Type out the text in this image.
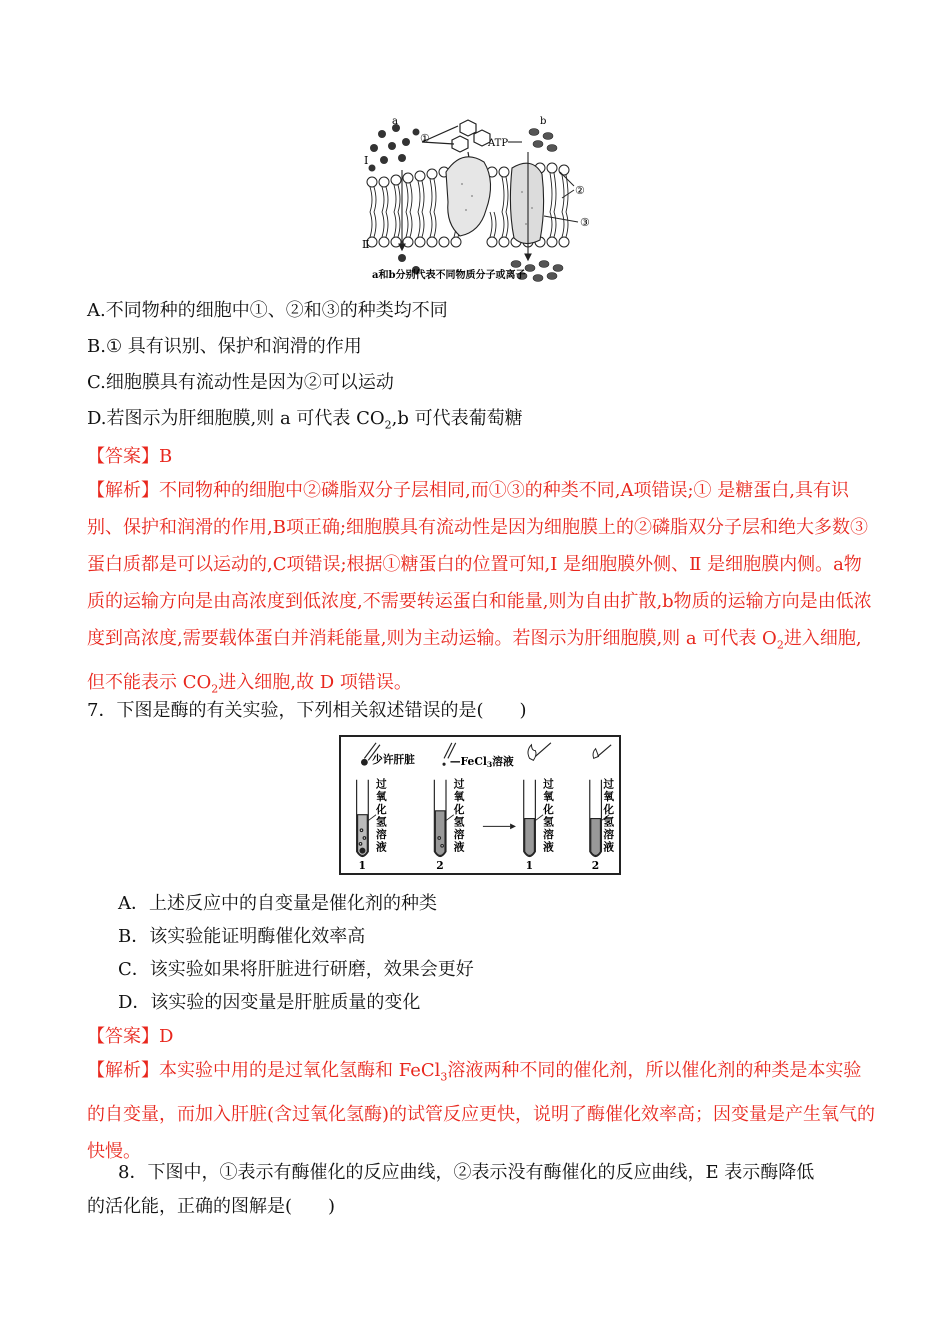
a	b
ATP
①
②
③
Ⅰ
Ⅱ
a和b分别代表不同物质分子或离子
A.不同物种的细胞中①、②和③的种类均不同
B.① 具有识别、保护和润滑的作用
C.细胞膜具有流动性是因为②可以运动
D.若图示为肝细胞膜,则 a 可代表 $CO_2,b$ 可代表葡萄糖
【答案】B
【解析】不同物种的细胞中②磷脂双分子层相同,而①③的种类不同,A项错误;① 是糖蛋白,具有识别、保护和润滑的作用,B项正确;细胞膜具有流动性是因为细胞膜上的②磷脂双分子层和绝大多数③蛋白质都是可以运动的,C项错误;根据①糖蛋白的位置可知,Ⅰ 是细胞膜外侧、Ⅱ 是细胞膜内侧。a物质的运输方向是由高浓度到低浓度,不需要转运蛋白和能量,则为自由扩散,b物质的运输方向是由低浓度到高浓度,需要载体蛋白并消耗能量,则为主动运输。若图示为肝细胞膜,则 a 可代表 $O_2$进入细胞,但不能表示 $CO_2$进入细胞,故 D 项错误。
7．下图是酶的有关实验，下列相关叙述错误的是(　　)
少许肝脏	—FeCl3溶液
过
氧
化
氢
溶
液
过
氧
化
氢
溶
液
过
氧
化
氢
溶
液
过
氧
化
氢
溶
液
1	2	1	2
A．上述反应中的自变量是催化剂的种类
B．该实验能证明酶催化效率高
C．该实验如果将肝脏进行研磨，效果会更好
D．该实验的因变量是肝脏质量的变化
【答案】D
【解析】本实验中用的是过氧化氢酶和 FeCl$_3$溶液两种不同的催化剂，所以催化剂的种类是本实验的自变量，而加入肝脏(含过氧化氢酶)的试管反应更快，说明了酶催化效率高；因变量是产生氧气的快慢。
8．下图中，①表示有酶催化的反应曲线，②表示没有酶催化的反应曲线，E 表示酶降低
的活化能，正确的图解是(　　)
